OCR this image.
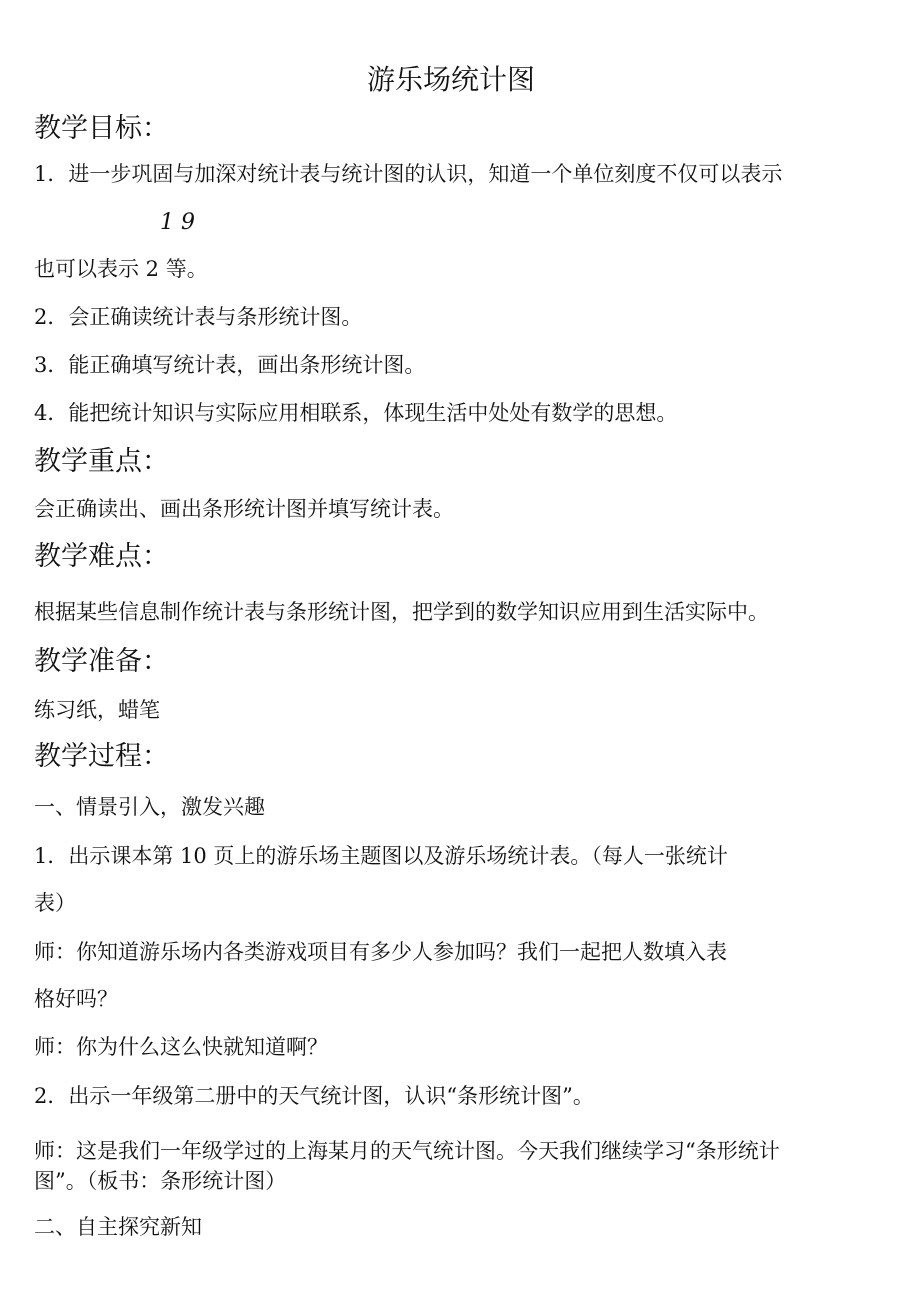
游乐场统计图
教学目标：
1．进一步巩固与加深对统计表与统计图的认识，知道一个单位刻度不仅可以表示
1 9
也可以表示 2 等。
2．会正确读统计表与条形统计图。
3．能正确填写统计表，画出条形统计图。
4．能把统计知识与实际应用相联系，体现生活中处处有数学的思想。
教学重点：
会正确读出、画出条形统计图并填写统计表。
教学难点：
根据某些信息制作统计表与条形统计图，把学到的数学知识应用到生活实际中。
教学准备：
练习纸，蜡笔
教学过程：
一、情景引入，激发兴趣
1．出示课本第 10 页上的游乐场主题图以及游乐场统计表。（每人一张统计
表）
师：你知道游乐场内各类游戏项目有多少人参加吗？我们一起把人数填入表
格好吗？
师：你为什么这么快就知道啊？
2．出示一年级第二册中的天气统计图，认识“条形统计图”。
师：这是我们一年级学过的上海某月的天气统计图。今天我们继续学习“条形统计
图”。（板书：条形统计图）
二、自主探究新知
